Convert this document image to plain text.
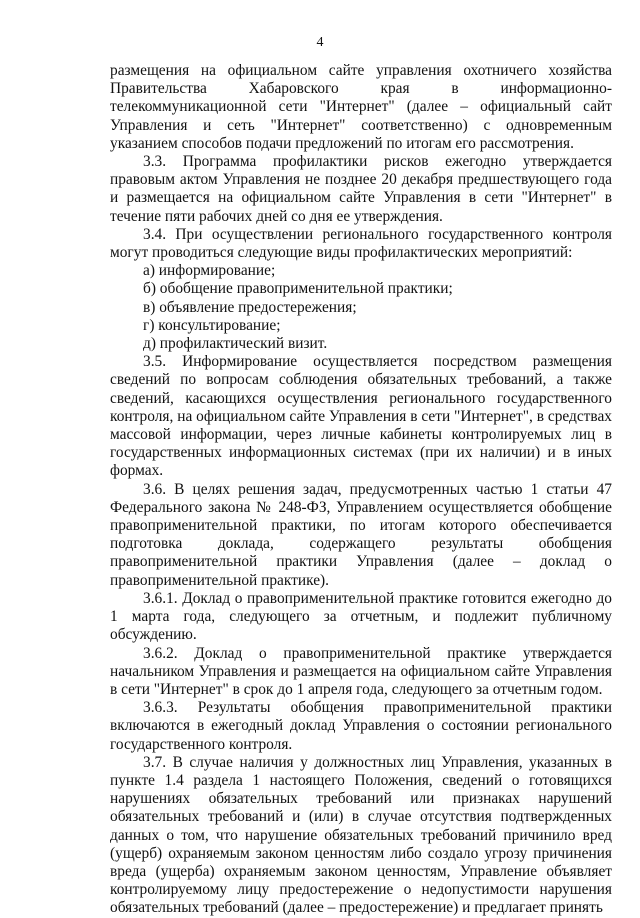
4

размещения на официальном сайте управления охотничего хозяйства Правительства Хабаровского края в информационно-телекоммуникационной сети "Интернет" (далее – официальный сайт Управления и сеть "Интернет" соответственно) с одновременным указанием способов подачи предложений по итогам его рассмотрения.

3.3. Программа профилактики рисков ежегодно утверждается правовым актом Управления не позднее 20 декабря предшествующего года и размещается на официальном сайте Управления в сети "Интернет" в течение пяти рабочих дней со дня ее утверждения.

3.4. При осуществлении регионального государственного контроля могут проводиться следующие виды профилактических мероприятий:

а) информирование;

б) обобщение правоприменительной практики;

в) объявление предостережения;

г) консультирование;

д) профилактический визит.

3.5. Информирование осуществляется посредством размещения сведений по вопросам соблюдения обязательных требований, а также сведений, касающихся осуществления регионального государственного контроля, на официальном сайте Управления в сети "Интернет", в средствах массовой информации, через личные кабинеты контролируемых лиц в государственных информационных системах (при их наличии) и в иных формах.

3.6. В целях решения задач, предусмотренных частью 1 статьи 47 Федерального закона № 248-ФЗ, Управлением осуществляется обобщение правоприменительной практики, по итогам которого обеспечивается подготовка доклада, содержащего результаты обобщения правоприменительной практики Управления (далее – доклад о правоприменительной практике).

3.6.1. Доклад о правоприменительной практике готовится ежегодно до 1 марта года, следующего за отчетным, и подлежит публичному обсуждению.

3.6.2. Доклад о правоприменительной практике утверждается начальником Управления и размещается на официальном сайте Управления в сети "Интернет" в срок до 1 апреля года, следующего за отчетным годом.

3.6.3. Результаты обобщения правоприменительной практики включаются в ежегодный доклад Управления о состоянии регионального государственного контроля.

3.7. В случае наличия у должностных лиц Управления, указанных в пункте 1.4 раздела 1 настоящего Положения, сведений о готовящихся нарушениях обязательных требований или признаках нарушений обязательных требований и (или) в случае отсутствия подтвержденных данных о том, что нарушение обязательных требований причинило вред (ущерб) охраняемым законом ценностям либо создало угрозу причинения вреда (ущерба) охраняемым законом ценностям, Управление объявляет контролируемому лицу предостережение о недопустимости нарушения обязательных требований (далее – предостережение) и предлагает принять
